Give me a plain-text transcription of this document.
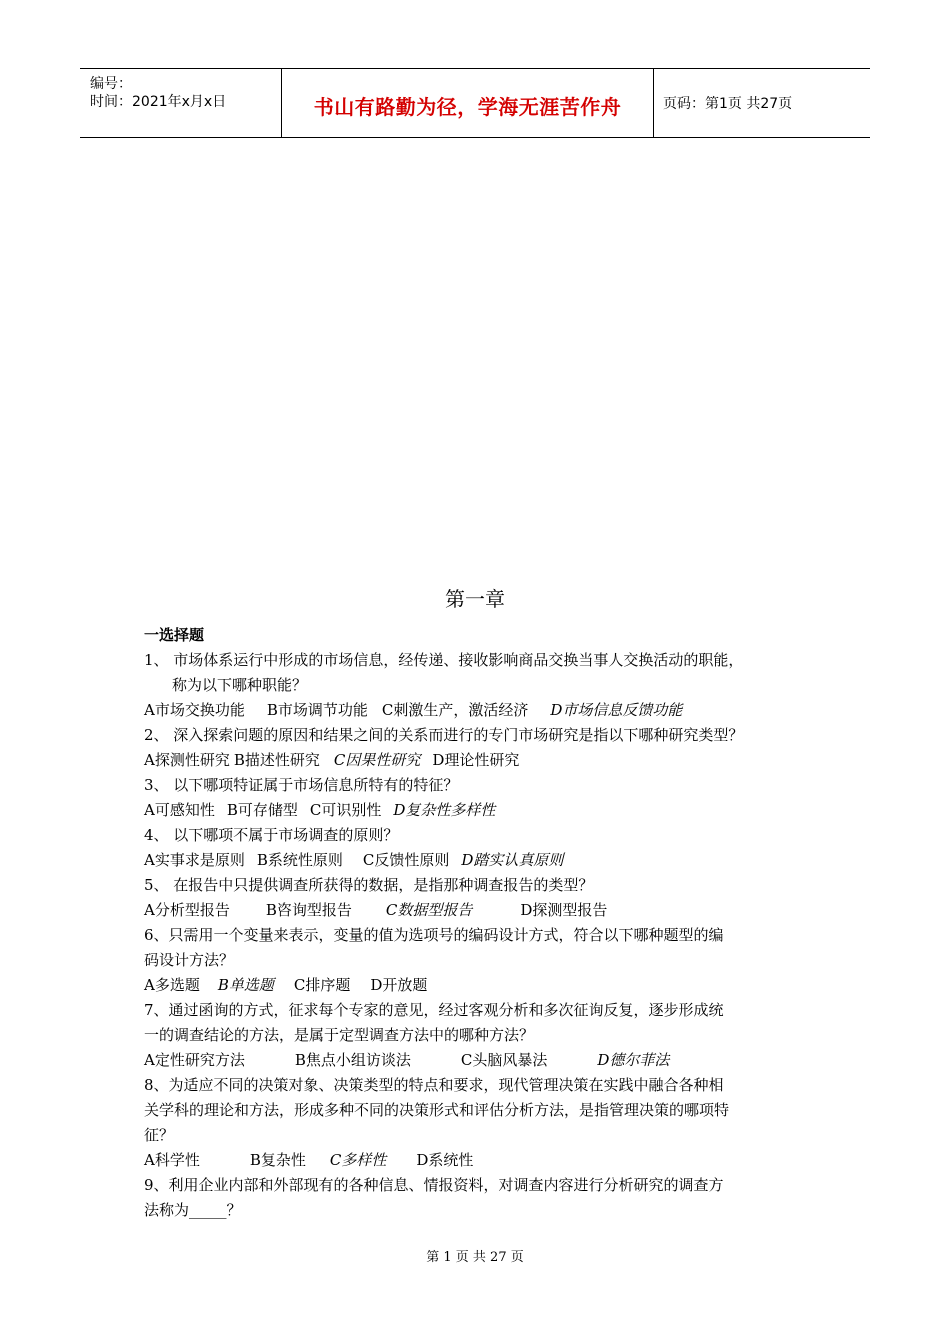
编号：
时间：2021年x月x日	书山有路勤为径，学海无涯苦作舟	页码：第1页 共27页
第一章
一选择题
1、 市场体系运行中形成的市场信息，经传递、接收影响商品交换当事人交换活动的职能，
称为以下哪种职能？
A市场交换功能 B市场调节功能 C刺激生产，激活经济 D市场信息反馈功能
2、 深入探索问题的原因和结果之间的关系而进行的专门市场研究是指以下哪种研究类型？
A探测性研究 B描述性研究 C因果性研究 D理论性研究
3、 以下哪项特证属于市场信息所特有的特征？
A可感知性 B可存储型 C可识别性 D复杂性多样性
4、 以下哪项不属于市场调查的原则？
A实事求是原则 B系统性原则 C反馈性原则 D踏实认真原则
5、 在报告中只提供调查所获得的数据，是指那种调查报告的类型？
A分析型报告 B咨询型报告 C数据型报告	D探测型报告
6、只需用一个变量来表示，变量的值为选项号的编码设计方式，符合以下哪种题型的编
码设计方法？
A多选题 B单选题 C排序题 D开放题
7、通过函询的方式，征求每个专家的意见，经过客观分析和多次征询反复，逐步形成统
一的调查结论的方法，是属于定型调查方法中的哪种方法？
A定性研究方法	B焦点小组访谈法	C头脑风暴法	D德尔菲法
8、为适应不同的决策对象、决策类型的特点和要求，现代管理决策在实践中融合各种相
关学科的理论和方法，形成多种不同的决策形式和评估分析方法，是指管理决策的哪项特
征？
A科学性	B复杂性 C多样性 D系统性
9、利用企业内部和外部现有的各种信息、情报资料，对调查内容进行分析研究的调查方
法称为_____？
第 1 页 共 27 页
